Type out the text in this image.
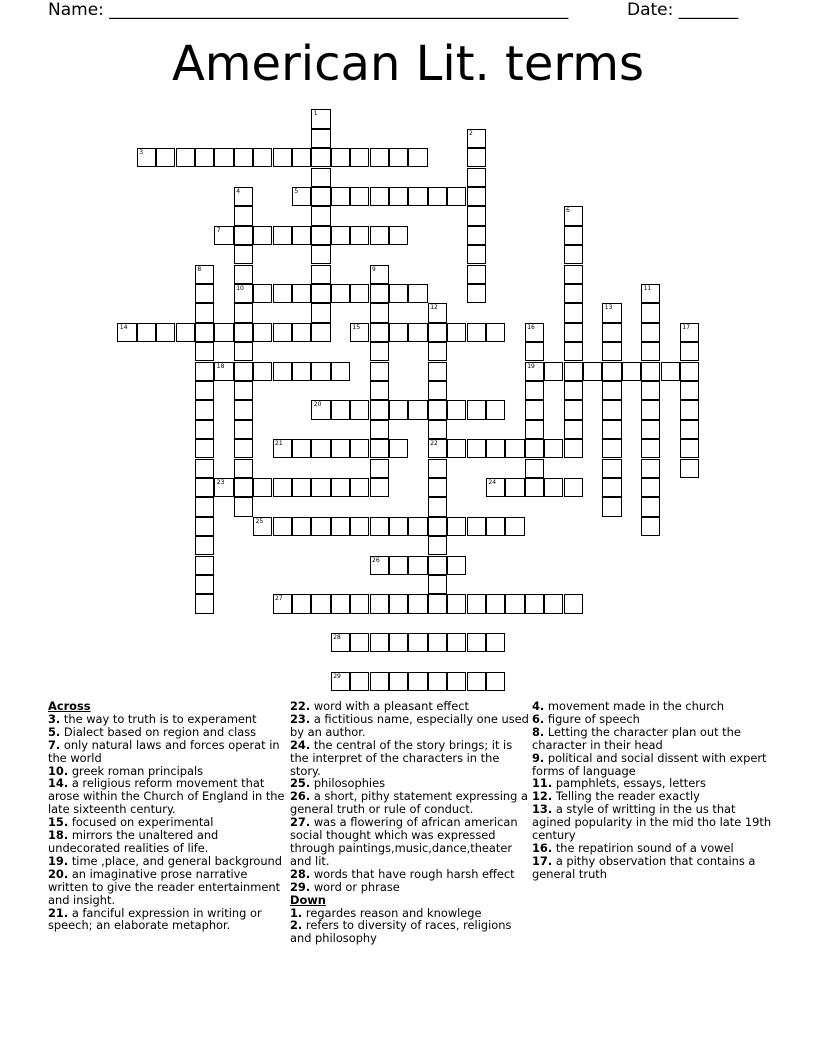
Name: ______________________________________________________	Date: _______
American Lit. terms
1
2
3
4
10
5
6
7
8	9
11
12
22
13
14	15	16
19
17
18
20
21
23	24
25
26
27
28
29
Across
3. the way to truth is to experament
5. Dialect based on region and class
7. only natural laws and forces operat in the world
10. greek roman principals
14. a religious reform movement that arose within the Church of England in the late sixteenth century.
15. focused on experimental
18. mirrors the unaltered and undecorated realities of life.
19. time ,place, and general background
20. an imaginative prose narrative written to give the reader entertainment and insight.
21. a fanciful expression in writing or speech; an elaborate metaphor.
22. word with a pleasant effect
23. a fictitious name, especially one used by an author.
24. the central of the story brings; it is the interpret of the characters in the story.
25. philosophies
26. a short, pithy statement expressing a general truth or rule of conduct.
27. was a flowering of african american social thought which was expressed through paintings,music,dance,theater and lit.
28. words that have rough harsh effect
29. word or phrase
Down
1. regardes reason and knowlege
2. refers to diversity of races, religions and philosophy
4. movement made in the church
6. figure of speech
8. Letting the character plan out the character in their head
9. political and social dissent with expert forms of language
11. pamphlets, essays, letters
12. Telling the reader exactly
13. a style of writting in the us that agined popularity in the mid tho late 19th century
16. the repatirion sound of a vowel
17. a pithy observation that contains a general truth
